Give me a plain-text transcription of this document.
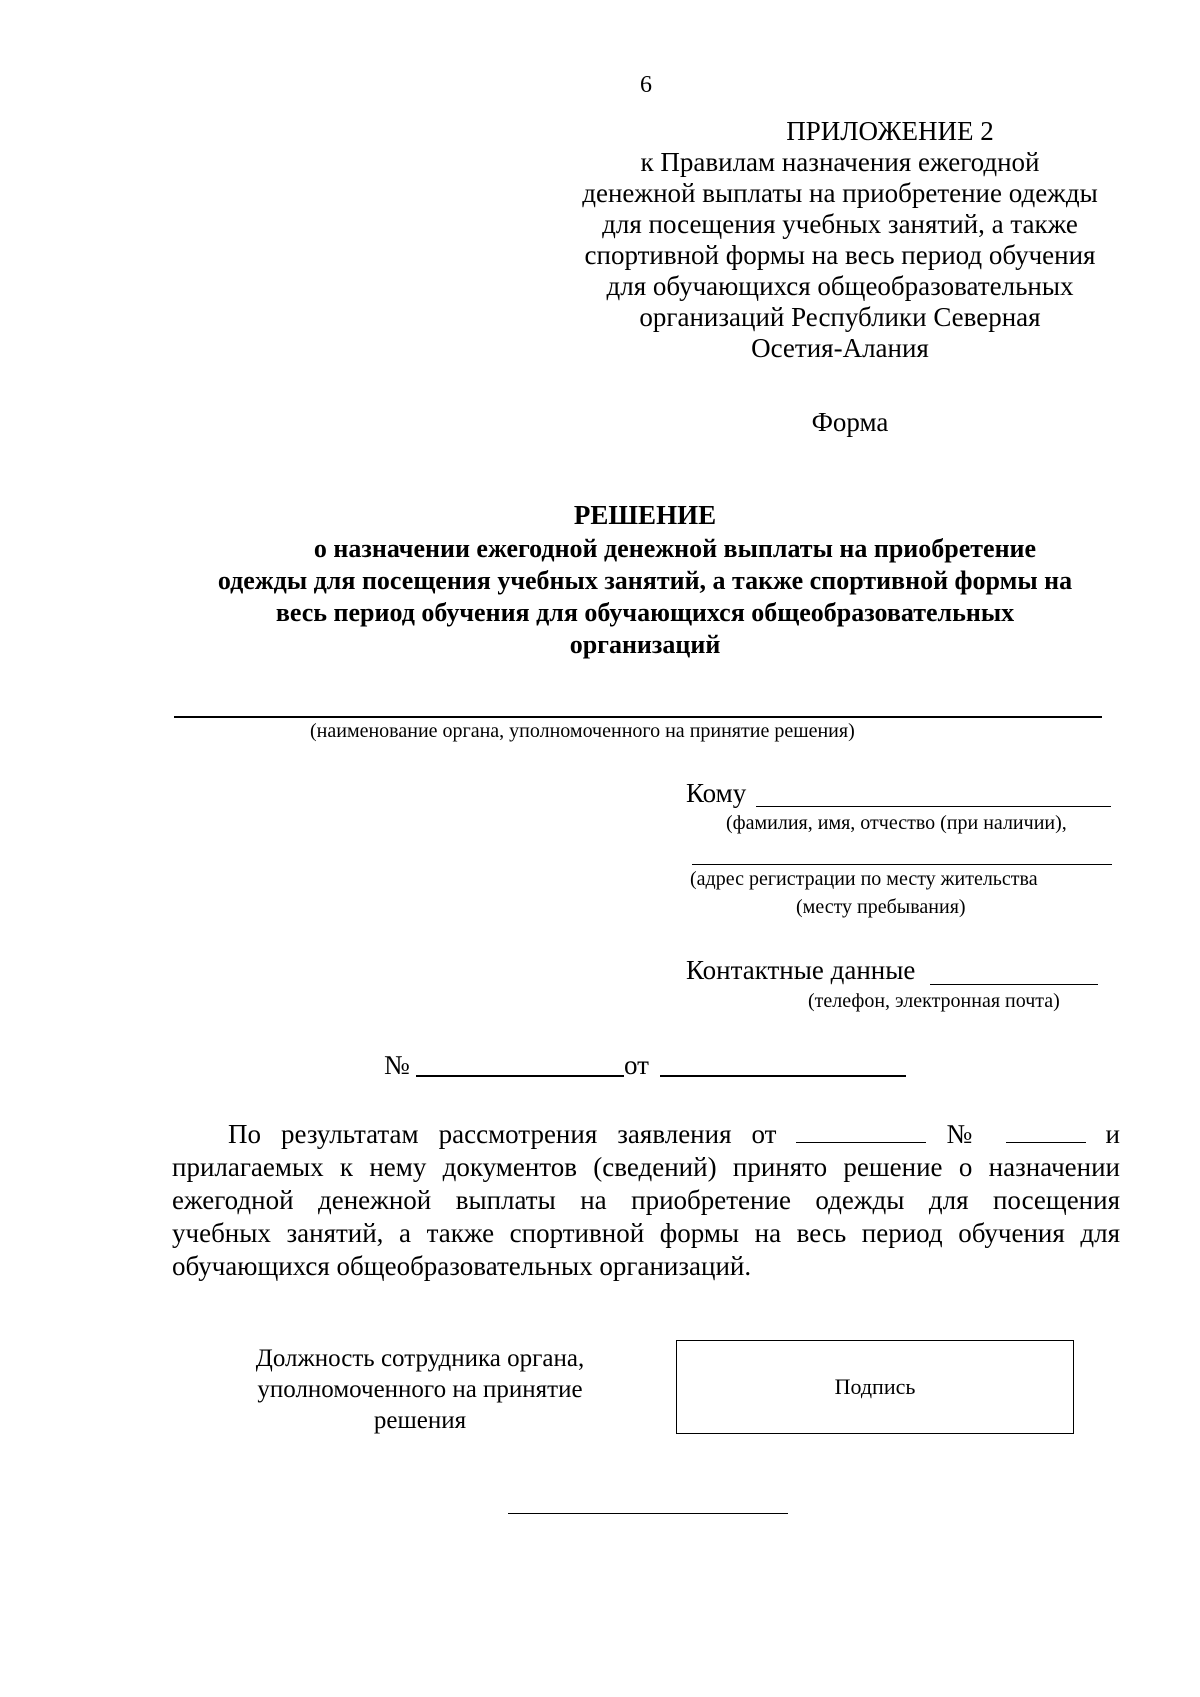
6
ПРИЛОЖЕНИЕ 2
к Правилам назначения ежегодной
денежной выплаты на приобретение одежды
для посещения учебных занятий, а также
спортивной формы на весь период обучения
для обучающихся общеобразовательных
организаций Республики Северная
Осетия-Алания
Форма
РЕШЕНИЕ
о назначении ежегодной денежной выплаты на приобретение
одежды для посещения учебных занятий, а также спортивной формы на
весь период обучения для обучающихся общеобразовательных
организаций
(наименование органа, уполномоченного на принятие решения)
Кому
(фамилия, имя, отчество (при наличии),
(адрес регистрации по месту жительства
(месту пребывания)
Контактные данные
(телефон, электронная почта)
№	от
По результатам рассмотрения заявления от	№	и
прилагаемых к нему документов (сведений) принято решение о назначении
ежегодной денежной выплаты на приобретение одежды для посещения
учебных занятий, а также спортивной формы на весь период обучения для
обучающихся общеобразовательных организаций.
Должность сотрудника органа,
уполномоченного на принятие
решения
Подпись
